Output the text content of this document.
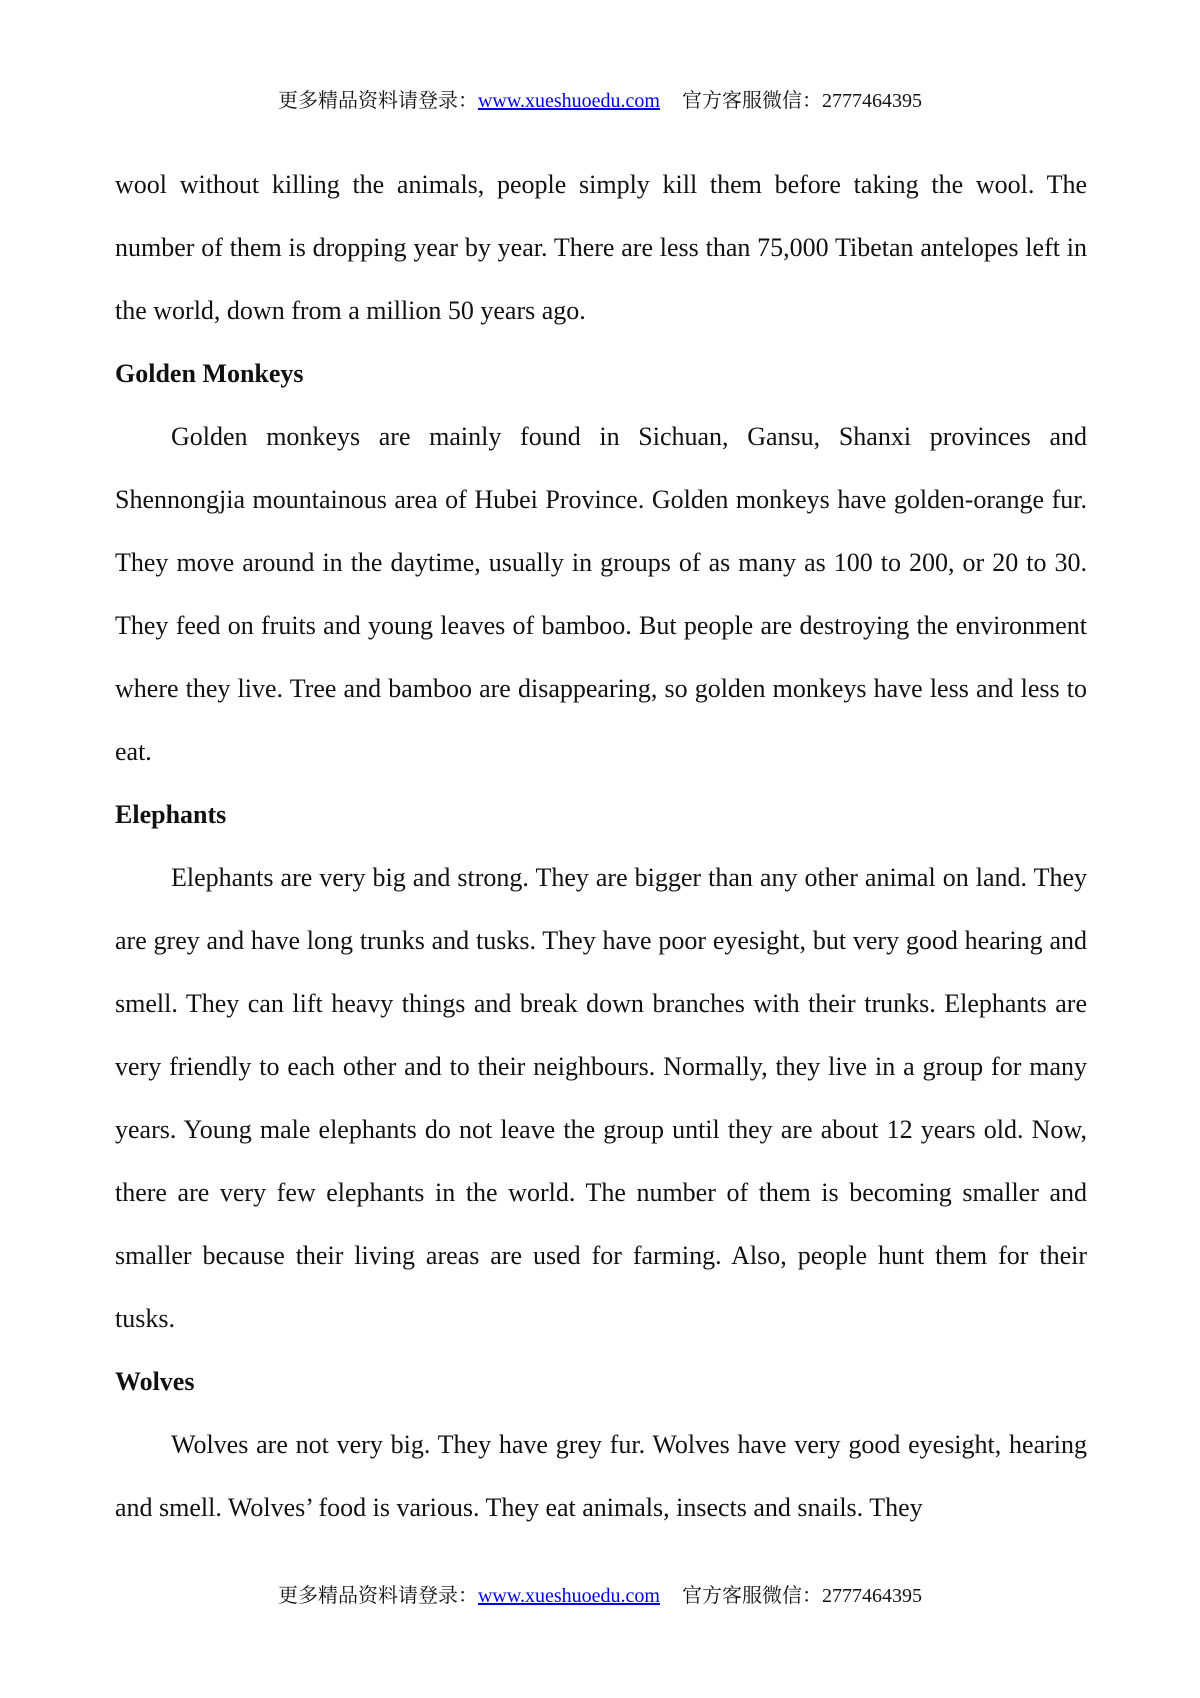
更多精品资料请登录：www.xueshuoedu.com 官方客服微信：2777464395

wool without killing the animals, people simply kill them before taking the wool. The number of them is dropping year by year. There are less than 75,000 Tibetan antelopes left in the world, down from a million 50 years ago.

Golden Monkeys

Golden monkeys are mainly found in Sichuan, Gansu, Shanxi provinces and Shennongjia mountainous area of Hubei Province. Golden monkeys have golden-orange fur. They move around in the daytime, usually in groups of as many as 100 to 200, or 20 to 30. They feed on fruits and young leaves of bamboo. But people are destroying the environment where they live. Tree and bamboo are disappearing, so golden monkeys have less and less to eat.

Elephants

Elephants are very big and strong. They are bigger than any other animal on land. They are grey and have long trunks and tusks. They have poor eyesight, but very good hearing and smell. They can lift heavy things and break down branches with their trunks. Elephants are very friendly to each other and to their neighbours. Normally, they live in a group for many years. Young male elephants do not leave the group until they are about 12 years old. Now, there are very few elephants in the world. The number of them is becoming smaller and smaller because their living areas are used for farming. Also, people hunt them for their tusks.

Wolves

Wolves are not very big. They have grey fur. Wolves have very good eyesight, hearing and smell. Wolves’ food is various. They eat animals, insects and snails. They

更多精品资料请登录：www.xueshuoedu.com 官方客服微信：2777464395
